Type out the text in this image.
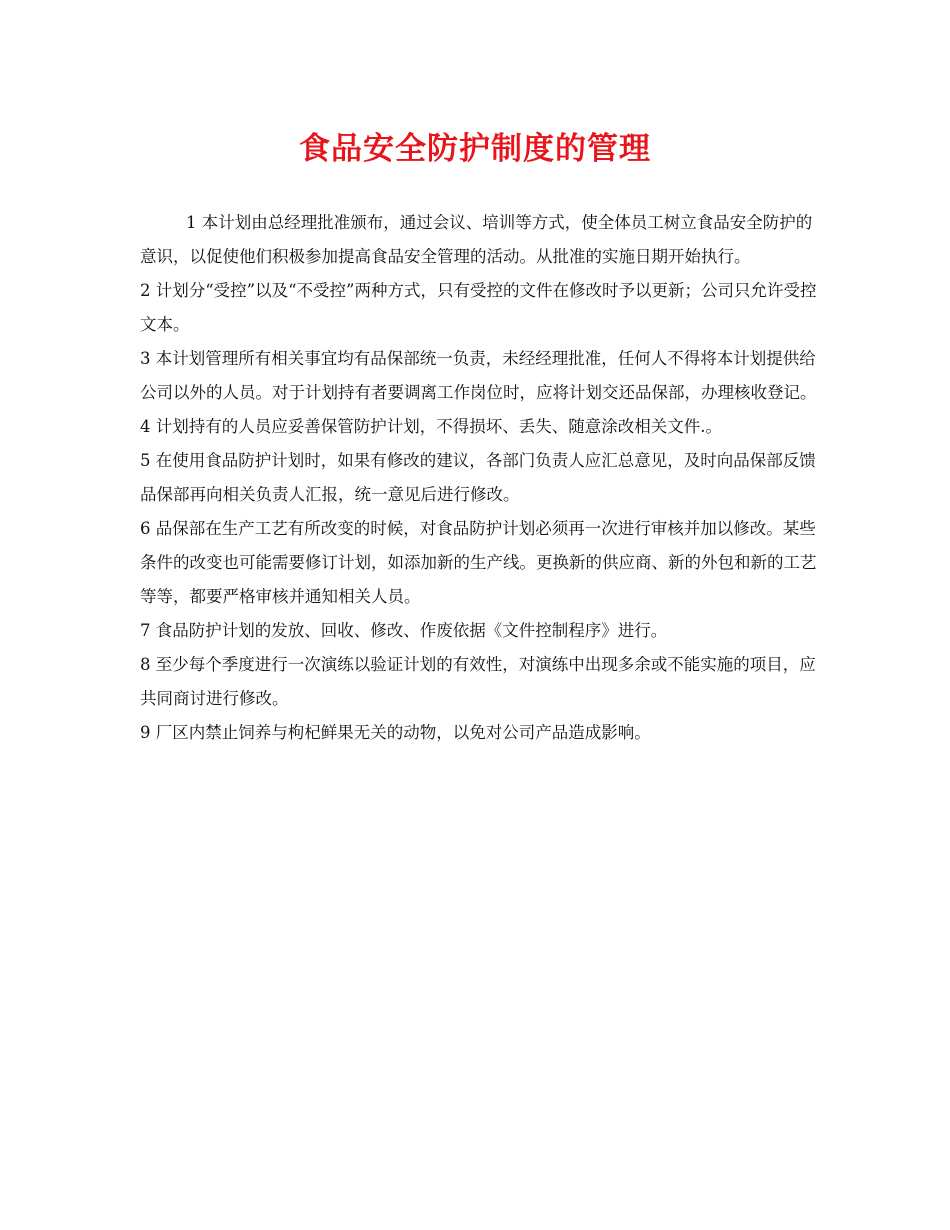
食品安全防护制度的管理

1 本计划由总经理批准颁布，通过会议、培训等方式，使全体员工树立食品安全防护的意识，以促使他们积极参加提高食品安全管理的活动。从批准的实施日期开始执行。

2 计划分“受控”以及“不受控”两种方式，只有受控的文件在修改时予以更新；公司只允许受控文本。

3 本计划管理所有相关事宜均有品保部统一负责，未经经理批准，任何人不得将本计划提供给公司以外的人员。对于计划持有者要调离工作岗位时，应将计划交还品保部，办理核收登记。

4 计划持有的人员应妥善保管防护计划，不得损坏、丢失、随意涂改相关文件.。

5 在使用食品防护计划时，如果有修改的建议，各部门负责人应汇总意见，及时向品保部反馈品保部再向相关负责人汇报，统一意见后进行修改。

6 品保部在生产工艺有所改变的时候，对食品防护计划必须再一次进行审核并加以修改。某些条件的改变也可能需要修订计划，如添加新的生产线。更换新的供应商、新的外包和新的工艺等等，都要严格审核并通知相关人员。

7 食品防护计划的发放、回收、修改、作废依据《文件控制程序》进行。

8 至少每个季度进行一次演练以验证计划的有效性，对演练中出现多余或不能实施的项目，应共同商讨进行修改。

9 厂区内禁止饲养与枸杞鲜果无关的动物，以免对公司产品造成影响。
